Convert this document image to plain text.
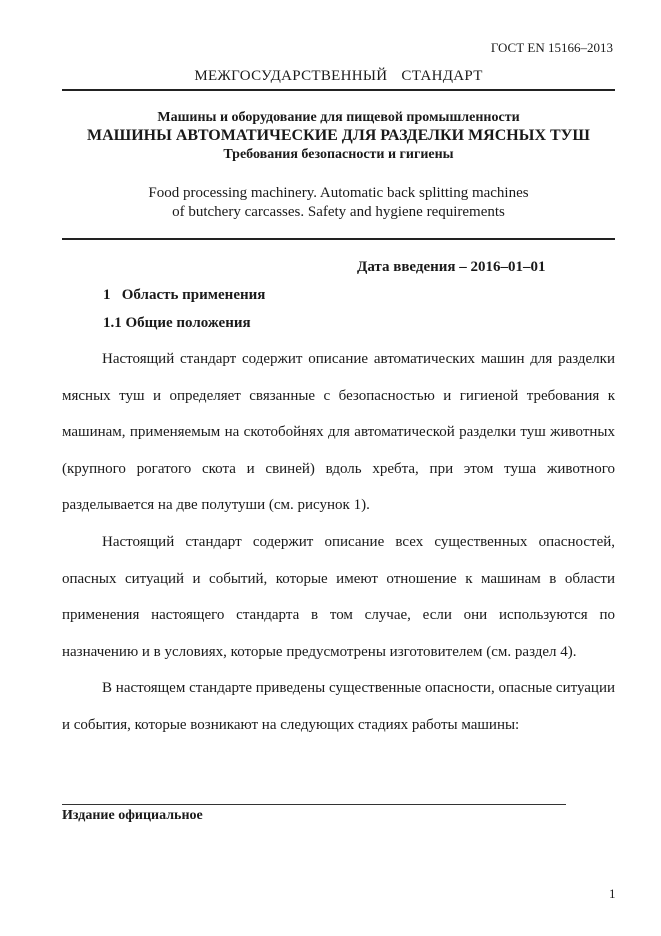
ГОСТ EN 15166–2013
МЕЖГОСУДАРСТВЕННЫЙ СТАНДАРТ
Машины и оборудование для пищевой промышленности
МАШИНЫ АВТОМАТИЧЕСКИЕ ДЛЯ РАЗДЕЛКИ МЯСНЫХ ТУШ
Требования безопасности и гигиены
Food processing machinery. Automatic back splitting machines
of butchery carcasses. Safety and hygiene requirements
Дата введения – 2016–01–01
1   Область применения
1.1 Общие положения
Настоящий стандарт содержит описание автоматических машин для разделки мясных туш и определяет связанные с безопасностью и гигиеной требования к машинам, применяемым на скотобойнях для автоматической разделки туш животных (крупного рогатого скота и свиней) вдоль хребта, при этом туша животного разделывается на две полутуши (см. рисунок 1).
Настоящий стандарт содержит описание всех существенных опасностей, опасных ситуаций и событий, которые имеют отношение к машинам в области применения настоящего стандарта в том случае, если они используются по назначению и в условиях, которые предусмотрены изготовителем (см. раздел 4).
В настоящем стандарте приведены существенные опасности, опасные ситуации и события, которые возникают на следующих стадиях работы машины:
Издание официальное
1
